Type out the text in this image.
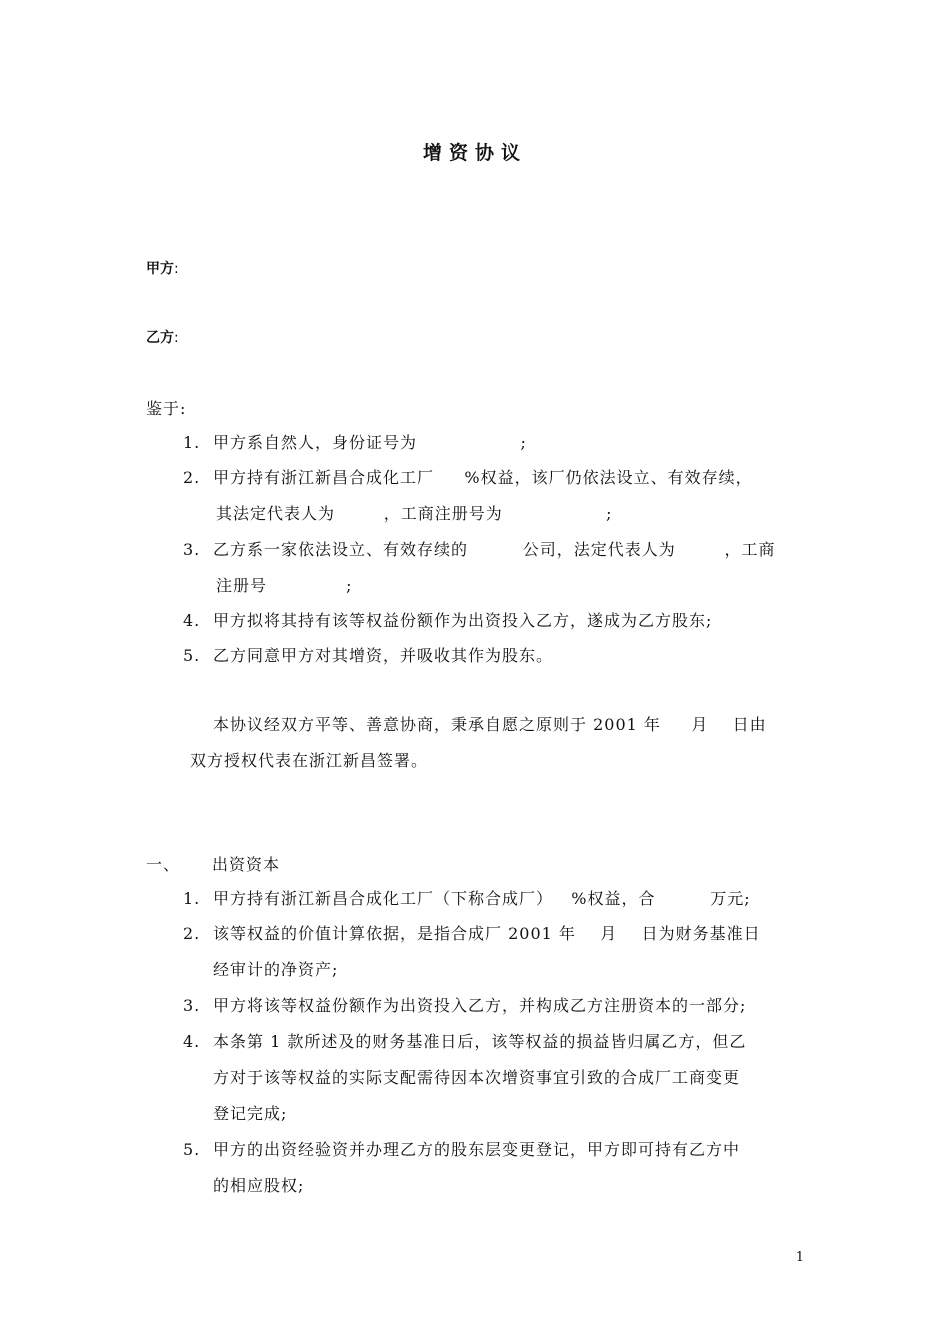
增资协议
甲方:
乙方:
鉴于:
1. 甲方系自然人，身份证号为                 ;
2. 甲方持有浙江新昌合成化工厂     %权益，该厂仍依法设立、有效存续，
其法定代表人为        ，工商注册号为                 ;
3. 乙方系一家依法设立、有效存续的         公司，法定代表人为        ，工商
注册号             ;
4. 甲方拟将其持有该等权益份额作为出资投入乙方，遂成为乙方股东;
5. 乙方同意甲方对其增资，并吸收其作为股东。
本协议经双方平等、善意协商，秉承自愿之原则于 2001 年     月    日由
双方授权代表在浙江新昌签署。
一、 出资资本
1. 甲方持有浙江新昌合成化工厂（下称合成厂）   %权益，合         万元;
2. 该等权益的价值计算依据，是指合成厂 2001 年    月    日为财务基准日
经审计的净资产;
3. 甲方将该等权益份额作为出资投入乙方，并构成乙方注册资本的一部分;
4. 本条第 1 款所述及的财务基准日后，该等权益的损益皆归属乙方，但乙
方对于该等权益的实际支配需待因本次增资事宜引致的合成厂工商变更
登记完成;
5. 甲方的出资经验资并办理乙方的股东层变更登记，甲方即可持有乙方中
的相应股权;
1
